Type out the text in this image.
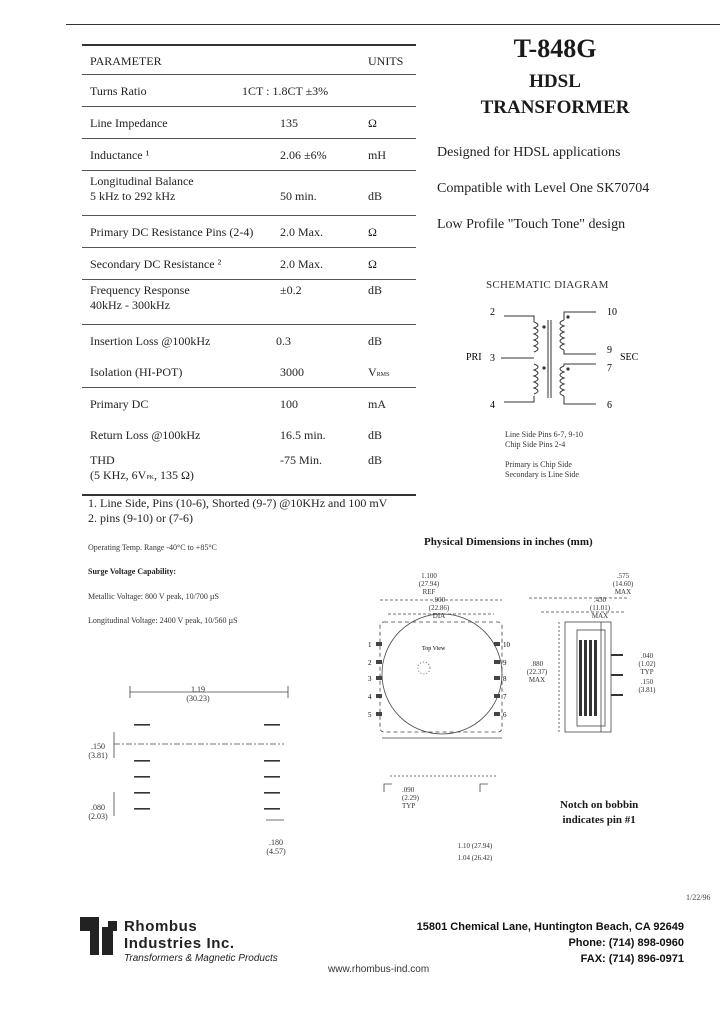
PARAMETER	UNITS
Turns Ratio	1CT : 1.8CT ±3%
Line Impedance	135	Ω
Inductance ¹	2.06 ±6%	mH
Longitudinal Balance
5 kHz to 292 kHz	50 min.	dB
Primary DC Resistance Pins (2-4) 2.0 Max.	Ω
Secondary DC Resistance ²	2.0 Max.	Ω
Frequency Response
40kHz - 300kHz
±0.2	dB
Insertion Loss @100kHz	0.3	dB
Isolation (HI-POT)	3000	VRMS
Primary DC	100	mA
Return Loss @100kHz	16.5 min.	dB
THD
(5 KHz, 6VPK, 135 Ω)
-75 Min.	dB
1. Line Side, Pins (10-6), Shorted (9-7) @10KHz and 100 mV
2. pins (9-10) or (7-6)
Operating Temp. Range -40°C to +85°C
Surge Voltage Capability:
Metallic Voltage: 800 V peak, 10/700 µS
Longitudinal Voltage: 2400 V peak, 10/560 µS
T-848G
HDSL
TRANSFORMER
Designed for HDSL applications
Compatible with Level One SK70704
Low Profile "Touch Tone" design
SCHEMATIC DIAGRAM
2
3
4
PRI
10
9
7
6
SEC
Line Side Pins 6-7, 9-10
Chip Side Pins 2-4
Primary is Chip Side
Secondary is Line Side
Physical Dimensions in inches (mm)
Top View
1
2
3
4
5
10
9
8
7
6
1.100
(27.94)
REF
.900
(22.86)
DIA
.090
(2.29)
TYP
1.10 (27.94)
1.04 (26.42)
.575
(14.60)
MAX
.430
(11.01)
MAX
.880
(22.37)
MAX
.040
(1.02)
TYP
.150
(3.81)
1.19
(30.23)
.150
(3.81)
.080
(2.03)
.180
(4.57)
Notch on bobbin
indicates pin #1
1/22/96
Rhombus
Industries Inc.
Transformers & Magnetic Products
15801 Chemical Lane, Huntington Beach, CA 92649
Phone: (714) 898-0960
FAX: (714) 896-0971
www.rhombus-ind.com
